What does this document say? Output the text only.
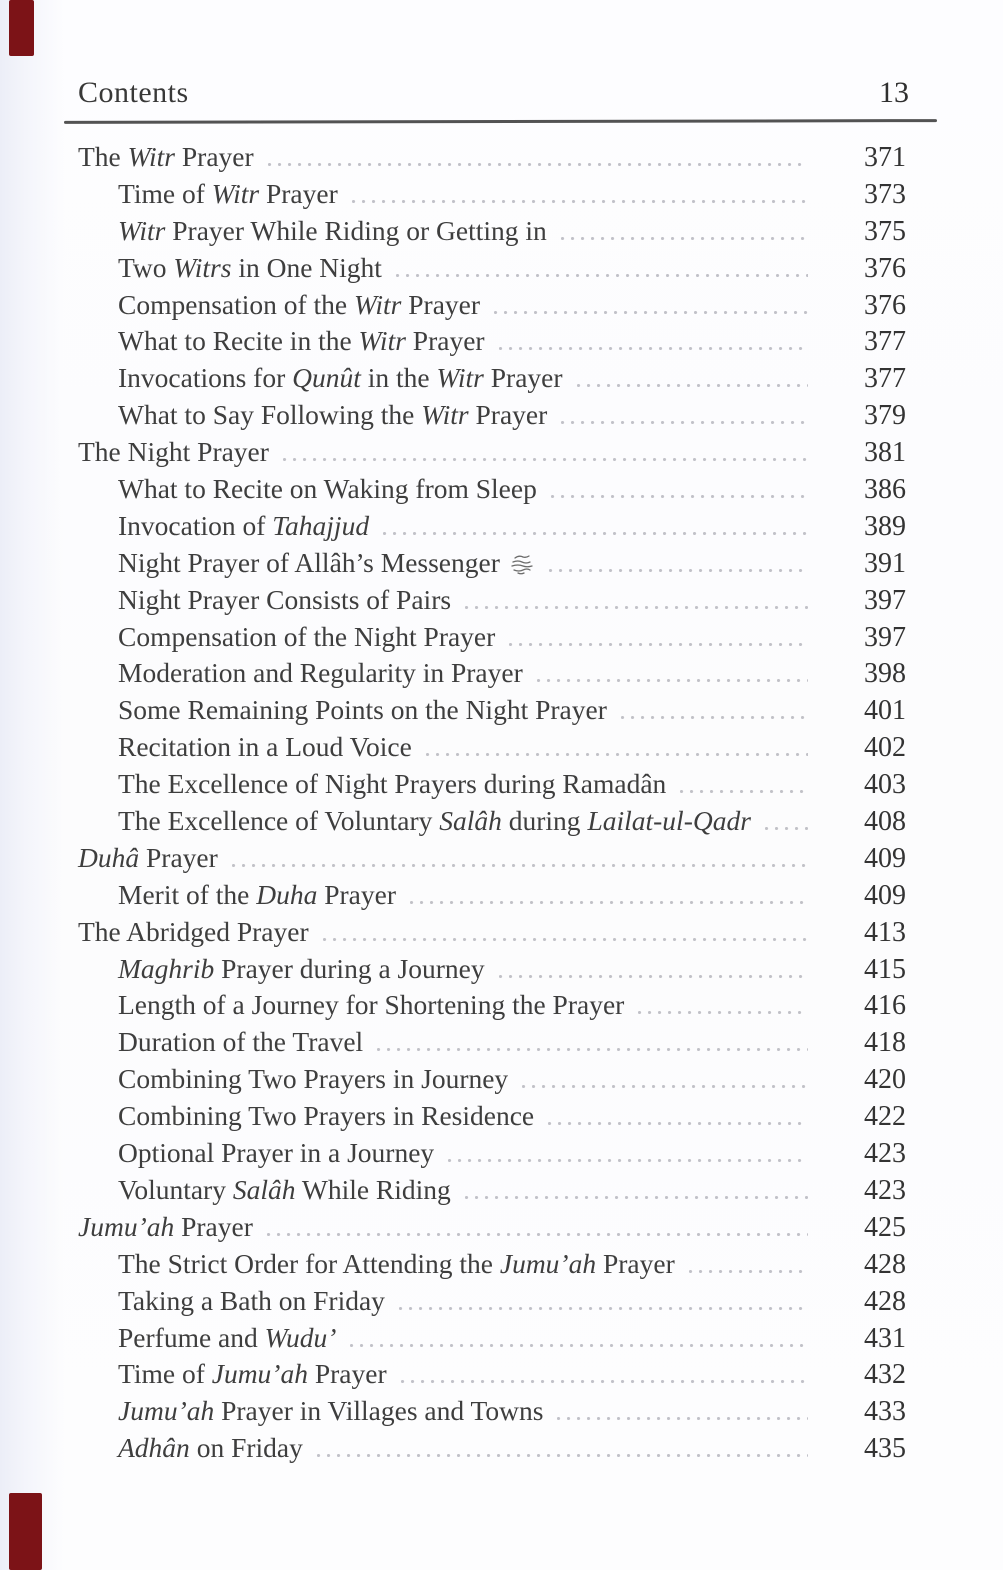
Contents	13
The Witr Prayer	371
Time of Witr Prayer	373
Witr Prayer While Riding or Getting in	375
Two Witrs in One Night	376
Compensation of the Witr Prayer	376
What to Recite in the Witr Prayer	377
Invocations for Qunût in the Witr Prayer	377
What to Say Following the Witr Prayer	379
The Night Prayer	381
What to Recite on Waking from Sleep	386
Invocation of Tahajjud	389
Night Prayer of Allâh’s Messenger	391
Night Prayer Consists of Pairs	397
Compensation of the Night Prayer	397
Moderation and Regularity in Prayer	398
Some Remaining Points on the Night Prayer	401
Recitation in a Loud Voice	402
The Excellence of Night Prayers during Ramadân	403
The Excellence of Voluntary Salâh during Lailat-ul-Qadr	408
Duhâ Prayer	409
Merit of the Duha Prayer	409
The Abridged Prayer	413
Maghrib Prayer during a Journey	415
Length of a Journey for Shortening the Prayer	416
Duration of the Travel	418
Combining Two Prayers in Journey	420
Combining Two Prayers in Residence	422
Optional Prayer in a Journey	423
Voluntary Salâh While Riding	423
Jumu’ah Prayer	425
The Strict Order for Attending the Jumu’ah Prayer	428
Taking a Bath on Friday	428
Perfume and Wudu’	431
Time of Jumu’ah Prayer	432
Jumu’ah Prayer in Villages and Towns	433
Adhân on Friday	435
